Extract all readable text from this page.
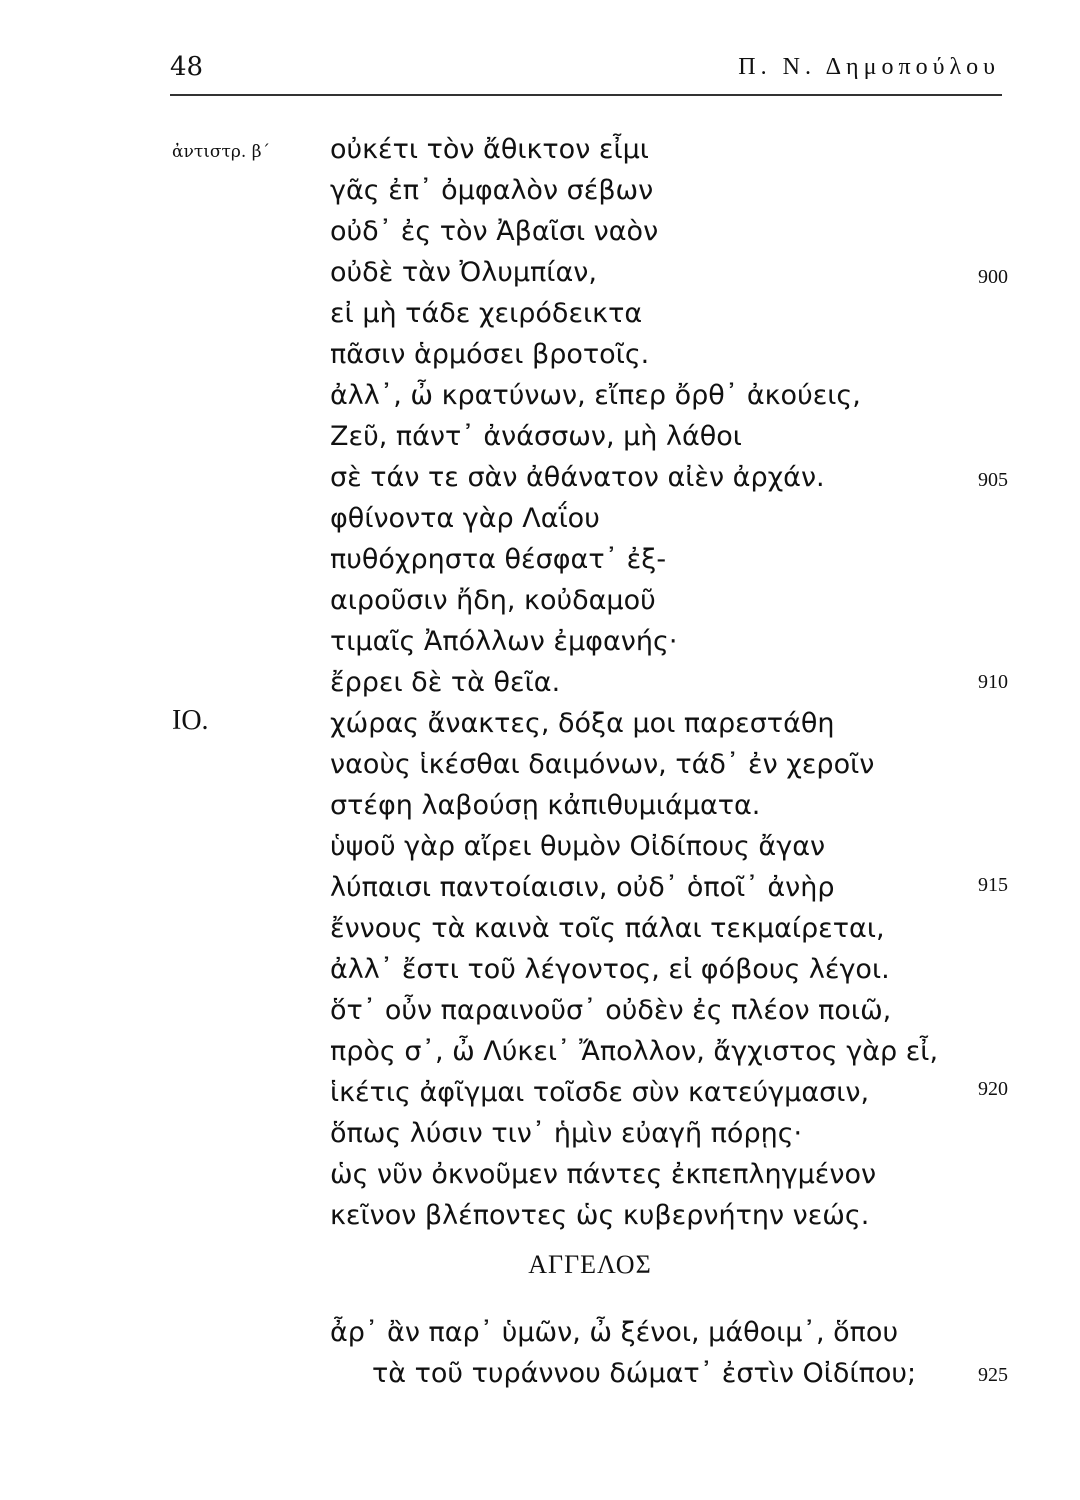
48	Π. Ν. Δημοπούλου
ἀντιστρ. β΄ οὐκέτι τὸν ἄθικτον εἶμι
γᾶς ἐπ᾽ ὀμφαλὸν σέβων
οὐδ᾽ ἐς τὸν Ἀβαῖσι ναὸν
οὐδὲ τὰν Ὀλυμπίαν,
εἰ μὴ τάδε χειρόδεικτα
πᾶσιν ἁρμόσει βροτοῖς.
ἀλλ᾽, ὦ κρατύνων, εἴπερ ὄρθ᾽ ἀκούεις,
Ζεῦ, πάντ᾽ ἀνάσσων, μὴ λάθοι
σὲ τάν τε σὰν ἀθάνατον αἰὲν ἀρχάν.
φθίνοντα γὰρ Λαΐου
πυθόχρηστα θέσφατ᾽ ἐξ-
αιροῦσιν ἤδη, κοὐδαμοῦ
τιμαῖς Ἀπόλλων ἐμφανής·
ἔρρει δὲ τὰ θεῖα.
ΙΟ.	χώρας ἄνακτες, δόξα μοι παρεστάθη
ναοὺς ἱκέσθαι δαιμόνων, τάδ᾽ ἐν χεροῖν
στέφη λαβούσῃ κἀπιθυμιάματα.
ὑψοῦ γὰρ αἴρει θυμὸν Οἰδίπους ἄγαν
λύπαισι παντοίαισιν, οὐδ᾽ ὁποῖ᾽ ἀνὴρ
ἔννους τὰ καινὰ τοῖς πάλαι τεκμαίρεται,
ἀλλ᾽ ἔστι τοῦ λέγοντος, εἰ φόβους λέγοι.
ὅτ᾽ οὖν παραινοῦσ᾽ οὐδὲν ἐς πλέον ποιῶ,
πρὸς σ᾽, ὦ Λύκει᾽ Ἄπολλον, ἄγχιστος γὰρ εἶ,
ἱκέτις ἀφῖγμαι τοῖσδε σὺν κατεύγμασιν,
ὅπως λύσιν τιν᾽ ἡμὶν εὐαγῆ πόρῃς·
ὡς νῦν ὀκνοῦμεν πάντες ἐκπεπληγμένον
κεῖνον βλέποντες ὡς κυβερνήτην νεώς.
ΑΓΓΕΛΟΣ
ἆρ᾽ ἂν παρ᾽ ὑμῶν, ὦ ξένοι, μάθοιμ᾽, ὅπου
τὰ τοῦ τυράννου δώματ᾽ ἐστὶν Οἰδίπου;
900
905
910
915
920
925
